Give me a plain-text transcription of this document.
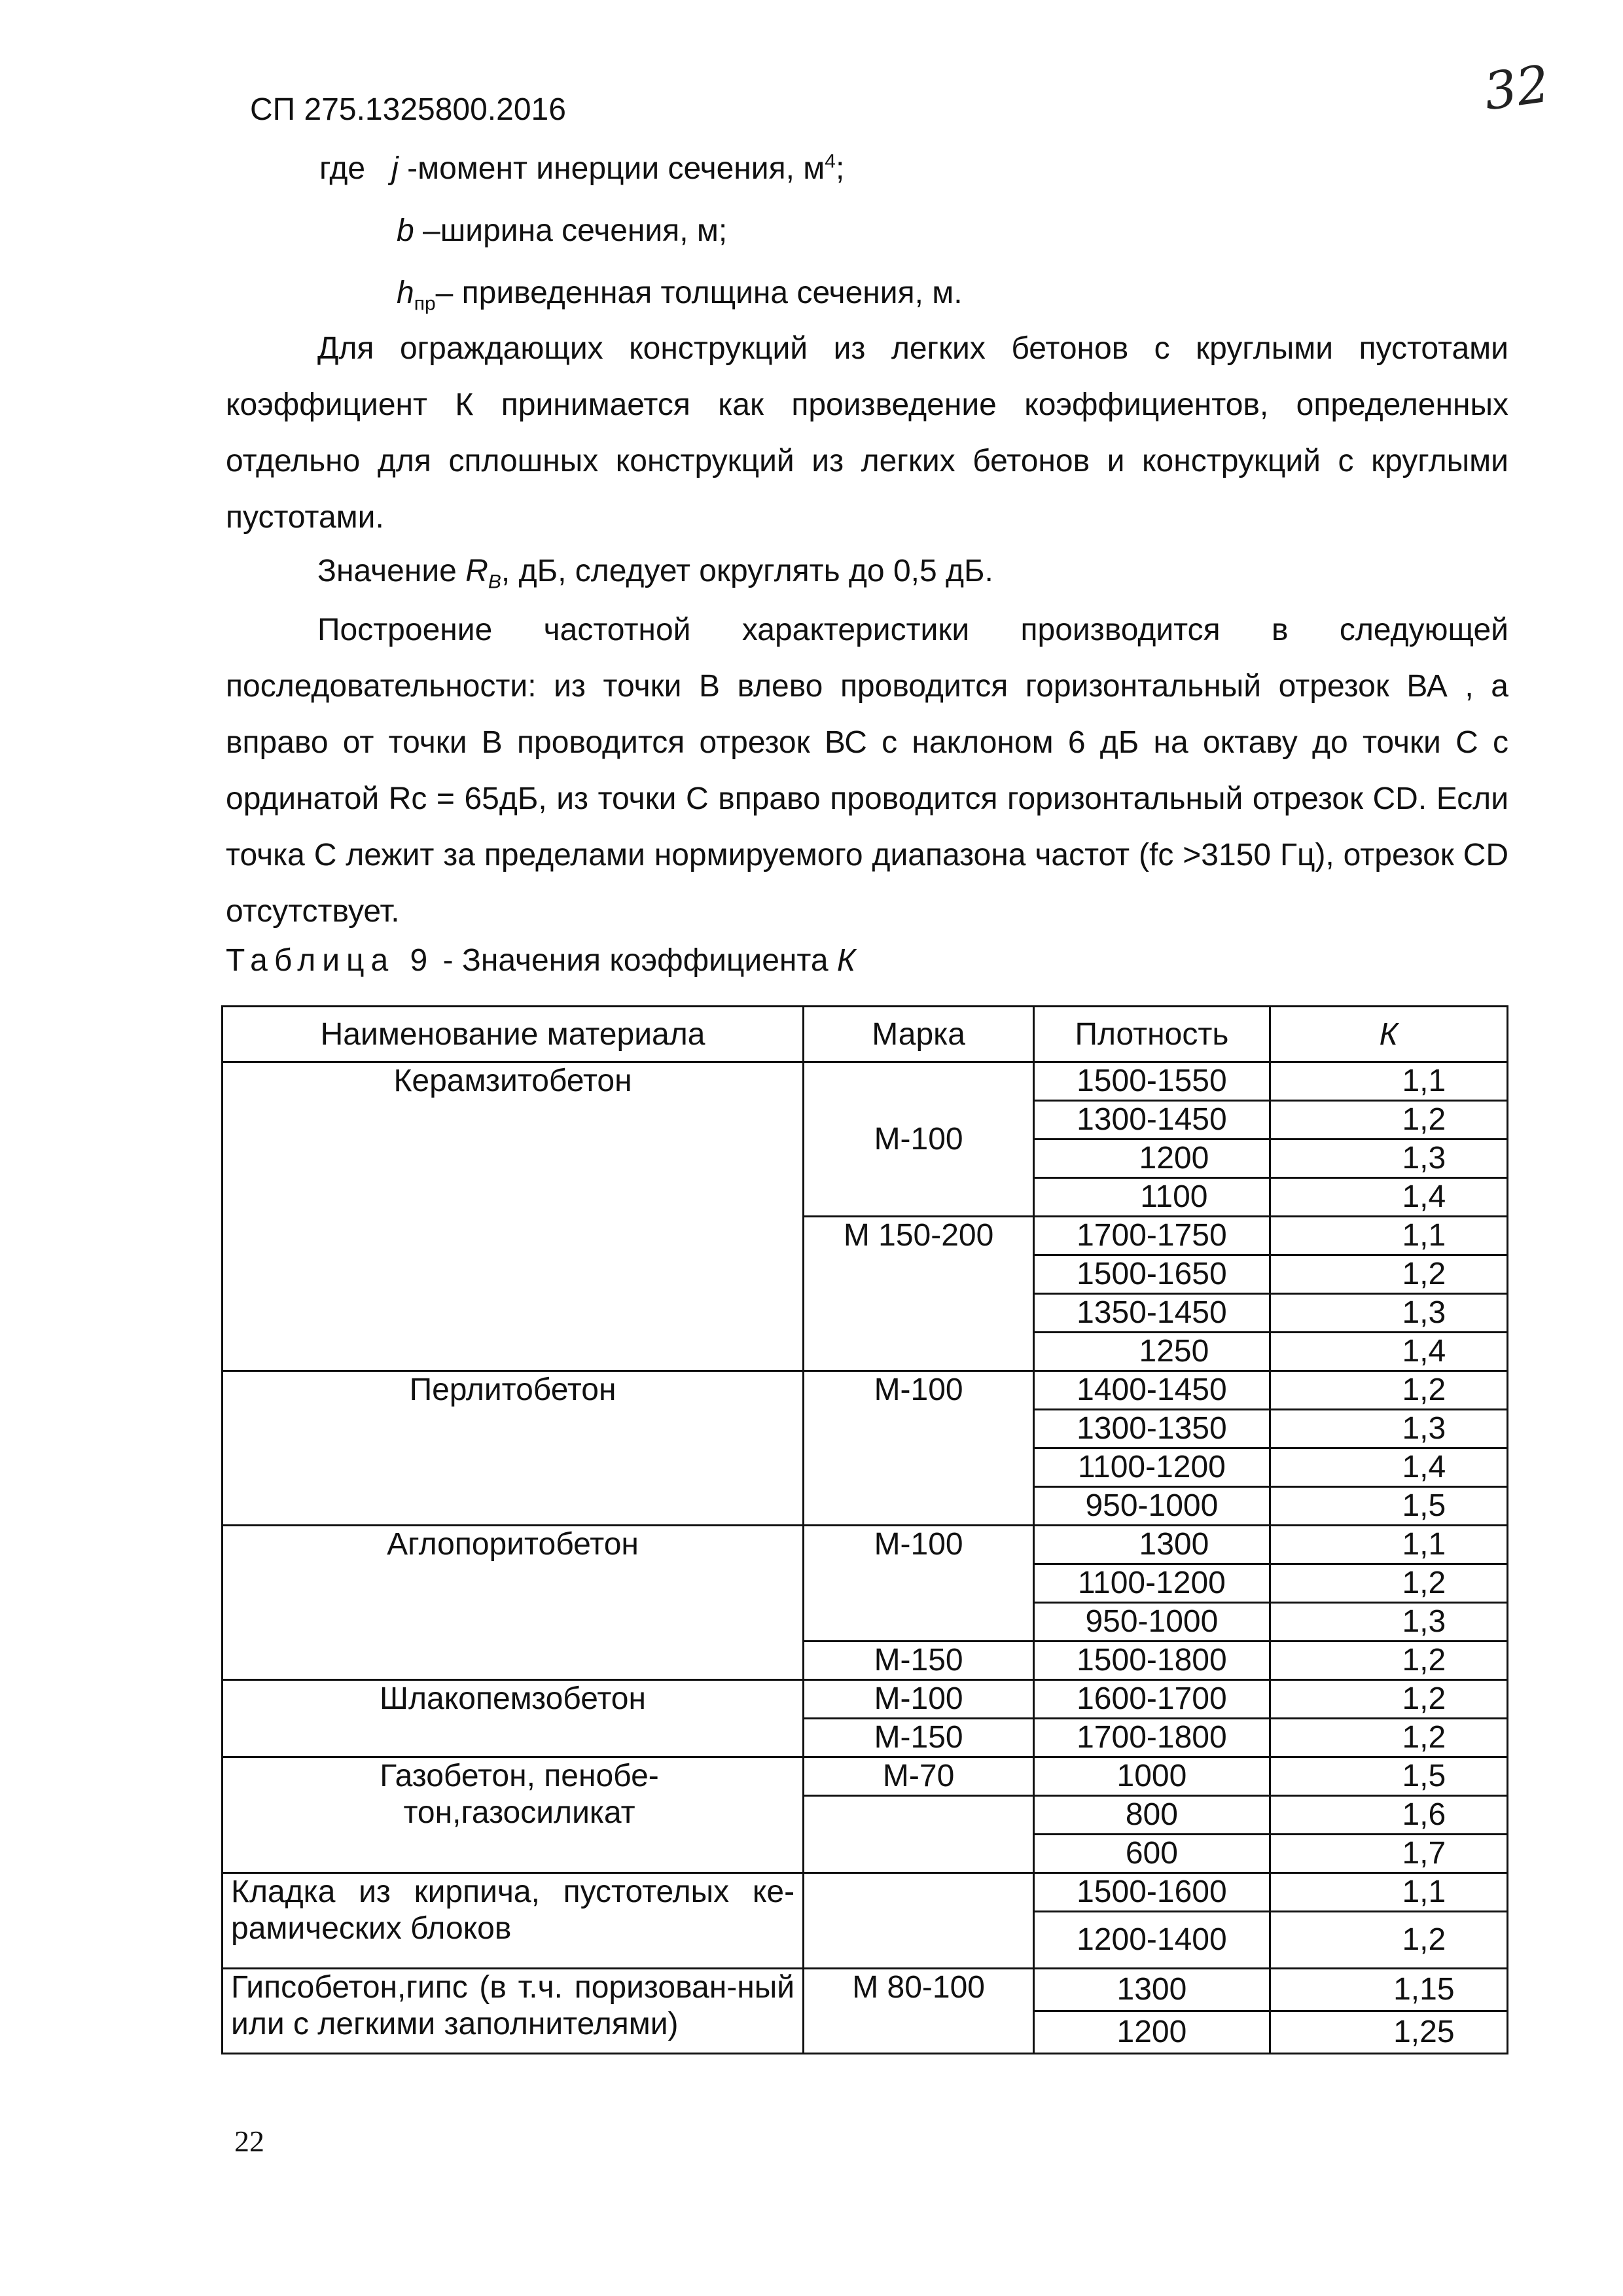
СП 275.1325800.2016	32
где j -момент инерции сечения, $м^4$;
b –ширина сечения, м;
$h_{пр}-$ приведенная толщина сечения, м.
Для ограждающих конструкций из легких бетонов с круглыми пустотами коэффициент К принимается как произведение коэффициентов, определенных отдельно для сплошных конструкций из легких бетонов и конструкций с круглыми пустотами.
Значение $R_В$, дБ, следует округлять до 0,5 дБ.
Построение частотной характеристики производится в следующей последовательности: из точки В влево проводится горизонтальный отрезок ВА , а вправо от точки В проводится отрезок ВС с наклоном 6 дБ на октаву до точки С с ординатой Rc = 65дБ, из точки С вправо проводится горизонтальный отрезок CD. Если точка С лежит за пределами нормируемого диапазона частот (fc >3150 Гц), отрезок CD отсутствует.
Таблица 9 - Значения коэффициента К
Наименование материала	Марка	Плотность	К
Керамзитобетон	М-100	1500-1550	1,1
		1300-1450	1,2
		1200	1,3
		1100	1,4
	М 150-200	1700-1750	1,1
		1500-1650	1,2
		1350-1450	1,3
		1250	1,4
Перлитобетон	М-100	1400-1450	1,2
		1300-1350	1,3
		1100-1200	1,4
		950-1000	1,5
Аглопоритобетон	М-100	1300	1,1
		1100-1200	1,2
		950-1000	1,3
	М-150	1500-1800	1,2
Шлакопемзобетон	М-100	1600-1700	1,2
	М-150	1700-1800	1,2
Газобетон, пенобе-тон,газосиликат	М-70	1000	1,5
		800	1,6
		600	1,7
Кладка из кирпича, пустотелых ке-рамических блоков		1500-1600	1,1
		1200-1400	1,2
Гипсобетон,гипс (в т.ч. поризован-ный или с легкими заполнителями)	М 80-100	1300	1,15
		1200	1,25
22
